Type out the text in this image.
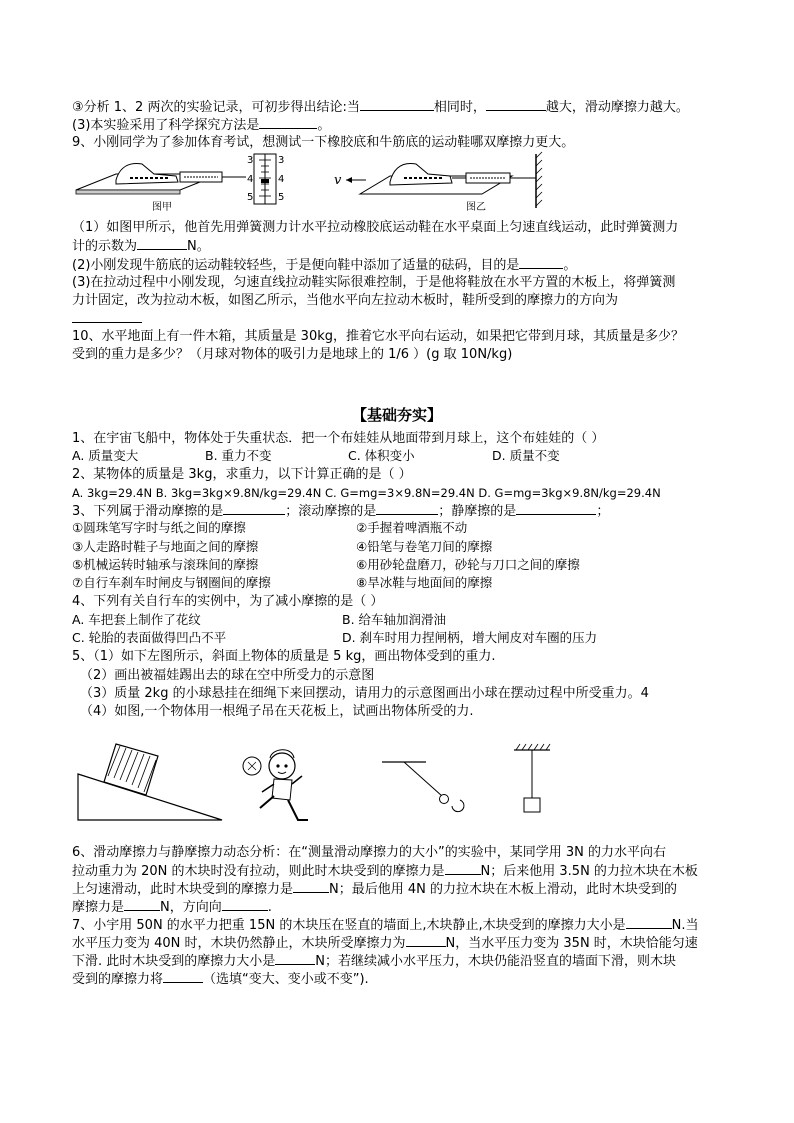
③分析 1、2 两次的实验记录，可初步得出结论:当	相同时，	越大，滑动摩擦力越大。
(3)本实验采用了科学探究方法是	。
9、小刚同学为了参加体育考试，想测试一下橡胶底和牛筋底的运动鞋哪双摩擦力更大。
图甲
3
4
5
3
4
5
v
图乙
（1）如图甲所示，他首先用弹簧测力计水平拉动橡胶底运动鞋在水平桌面上匀速直线运动，此时弹簧测力
计的示数为	N。
(2)小刚发现牛筋底的运动鞋较轻些，于是便向鞋中添加了适量的砝码，目的是	。
(3)在拉动过程中小刚发现，匀速直线拉动鞋实际很难控制，于是他将鞋放在水平方置的木板上，将弹簧测
力计固定，改为拉动木板，如图乙所示，当他水平向左拉动木板时，鞋所受到的摩擦力的方向为
10、水平地面上有一件木箱，其质量是 30kg，推着它水平向右运动，如果把它带到月球，其质量是多少？
受到的重力是多少？（月球对物体的吸引力是地球上的 1/6 ）(g 取 10N/kg)
【基础夯实】
1、在宇宙飞船中，物体处于失重状态．把一个布娃娃从地面带到月球上，这个布娃娃的（ ）
A. 质量变大	B. 重力不变	C. 体积变小	D. 质量不变
2、某物体的质量是 3kg，求重力，以下计算正确的是（ ）
A. 3kg=29.4N B. 3kg=3kg×9.8N/kg=29.4N C. G=mg=3×9.8N=29.4N D. G=mg=3kg×9.8N/kg=29.4N
3、下列属于滑动摩擦的是	；滚动摩擦的是	；静摩擦的是	；
①圆珠笔写字时与纸之间的摩擦	②手握着啤酒瓶不动
③人走路时鞋子与地面之间的摩擦	④铅笔与卷笔刀间的摩擦
⑤机械运转时轴承与滚珠间的摩擦	⑥用砂轮盘磨刀，砂轮与刀口之间的摩擦
⑦自行车刹车时闸皮与钢圈间的摩擦	⑧旱冰鞋与地面间的摩擦
4、下列有关自行车的实例中，为了减小摩擦的是（ ）
A. 车把套上制作了花纹	B. 给车轴加润滑油
C. 轮胎的表面做得凹凸不平	D. 刹车时用力捏闸柄，增大闸皮对车圈的压力
5、（1）如下左图所示，斜面上物体的质量是 5 kg，画出物体受到的重力.
（2）画出被福娃踢出去的球在空中所受力的示意图
（3）质量 2kg 的小球悬挂在细绳下来回摆动，请用力的示意图画出小球在摆动过程中所受重力。4
（4）如图,一个物体用一根绳子吊在天花板上，试画出物体所受的力.
6、滑动摩擦力与静摩擦力动态分析：在“测量滑动摩擦力的大小”的实验中，某同学用 3N 的力水平向右
拉动重力为 20N 的木块时没有拉动，则此时木块受到的摩擦力是	N；后来他用 3.5N 的力拉木块在木板
上匀速滑动，此时木块受到的摩擦力是	N；最后他用 4N 的力拉木块在木板上滑动，此时木块受到的
摩擦力是	N，方向向	.
7、小宇用 50N 的水平力把重 15N 的木块压在竖直的墙面上,木块静止,木块受到的摩擦力大小是	N.当
水平压力变为 40N 时，木块仍然静止，木块所受摩擦力为	N，当水平压力变为 35N 时，木块恰能匀速
下滑. 此时木块受到的摩擦力大小是	N；若继续减小水平压力，木块仍能沿竖直的墙面下滑，则木块
受到的摩擦力将	（选填“变大、变小或不变”).
